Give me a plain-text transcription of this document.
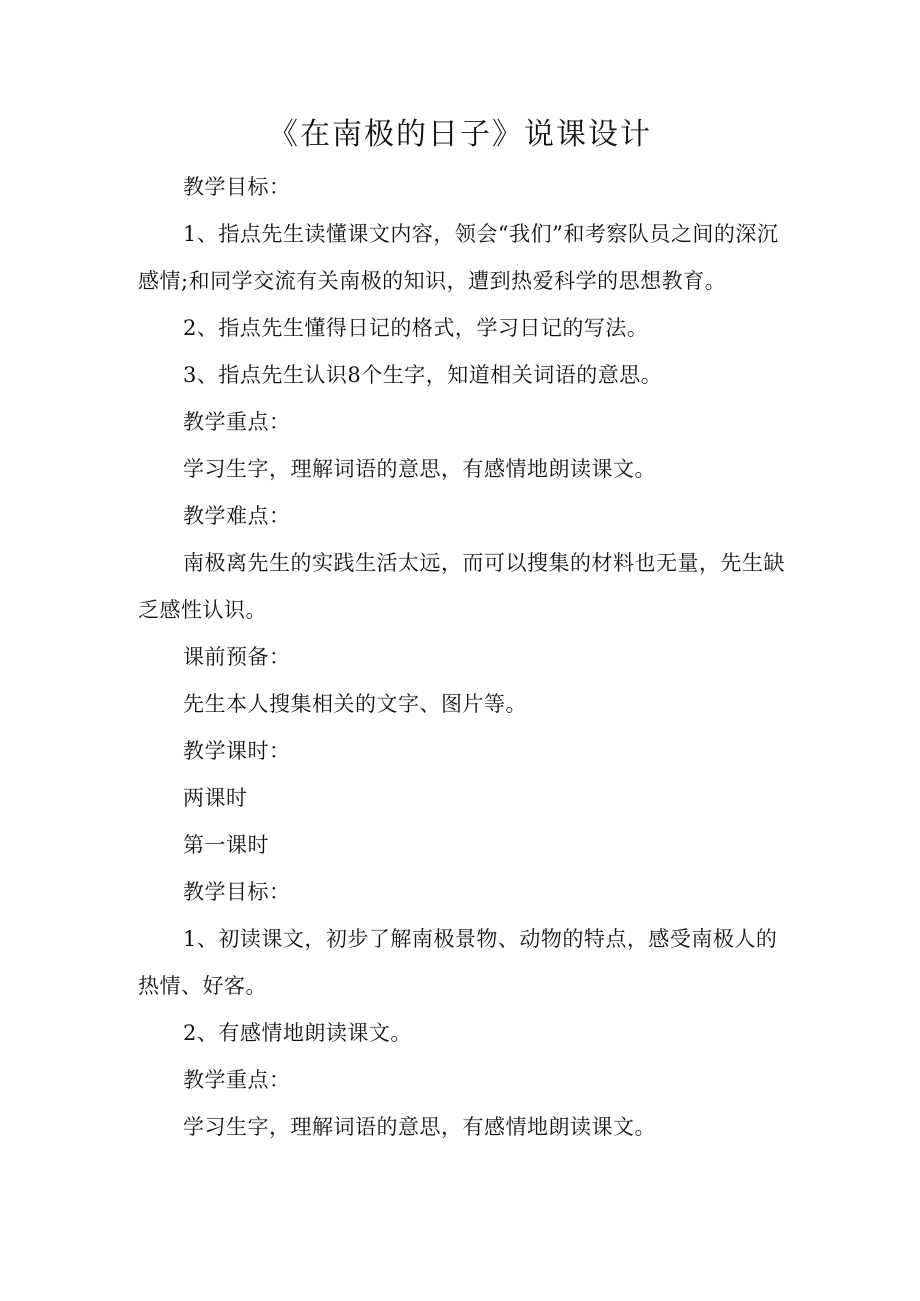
《在南极的日子》说课设计

教学目标：

1、指点先生读懂课文内容，领会“我们”和考察队员之间的深沉感情;和同学交流有关南极的知识，遭到热爱科学的思想教育。

2、指点先生懂得日记的格式，学习日记的写法。

3、指点先生认识8个生字，知道相关词语的意思。

教学重点：

学习生字，理解词语的意思，有感情地朗读课文。

教学难点：

南极离先生的实践生活太远，而可以搜集的材料也无量，先生缺乏感性认识。

课前预备：

先生本人搜集相关的文字、图片等。

教学课时：

两课时

第一课时

教学目标：

1、初读课文，初步了解南极景物、动物的特点，感受南极人的热情、好客。

2、有感情地朗读课文。

教学重点：

学习生字，理解词语的意思，有感情地朗读课文。
